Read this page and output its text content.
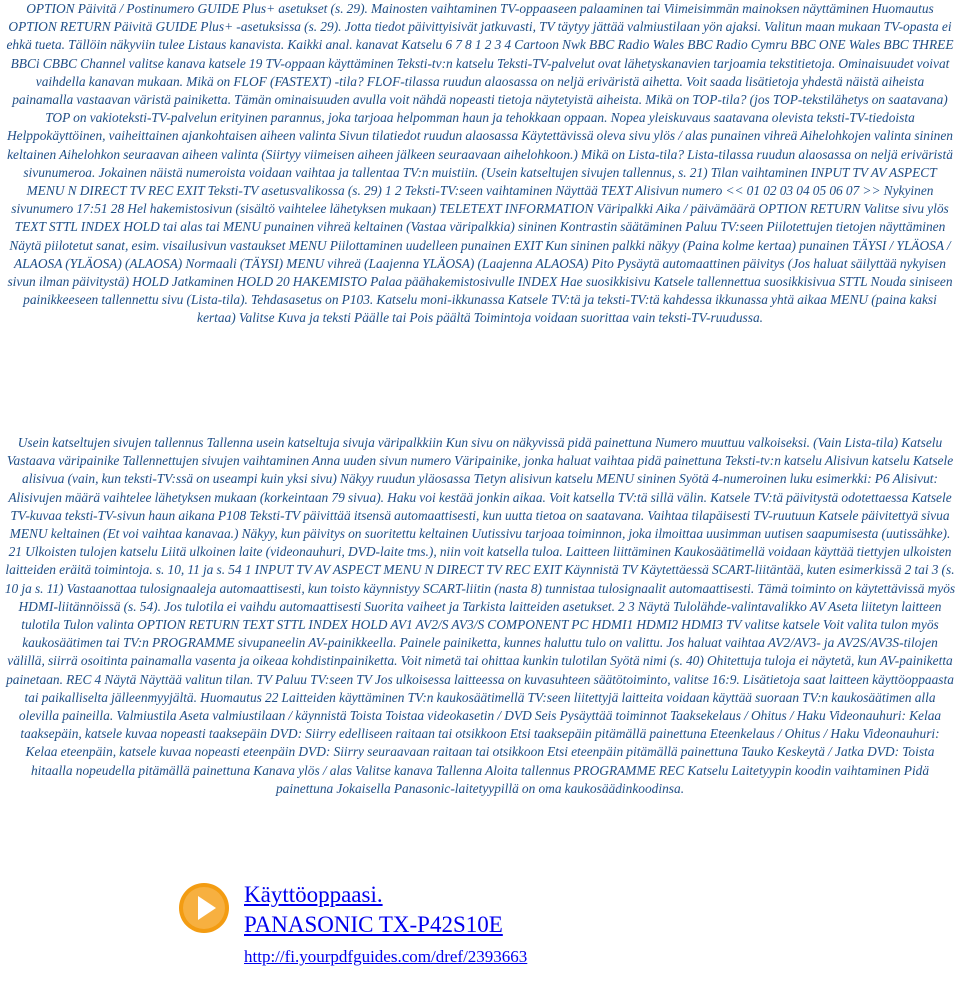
OPTION Päivitä / Postinumero GUIDE Plus+ asetukset (s. 29). Mainosten vaihtaminen TV-oppaaseen palaaminen tai Viimeisimmän mainoksen näyttäminen Huomautus OPTION RETURN Päivitä GUIDE Plus+ -asetuksissa (s. 29). Jotta tiedot päivittyisivät jatkuvasti, TV täytyy jättää valmiustilaan yön ajaksi. Valitun maan mukaan TV-opasta ei ehkä tueta. Tällöin näkyviin tulee Listaus kanavista. Kaikki anal. kanavat Katselu 6 7 8 1 2 3 4 Cartoon Nwk BBC Radio Wales BBC Radio Cymru BBC ONE Wales BBC THREE BBCi CBBC Channel valitse kanava katsele 19 TV-oppaan käyttäminen Teksti-tv:n katselu Teksti-TV-palvelut ovat lähetyskanavien tarjoamia tekstitietoja. Ominaisuudet voivat vaihdella kanavan mukaan. Mikä on FLOF (FASTEXT) -tila? FLOF-tilassa ruudun alaosassa on neljä eriväristä aihetta. Voit saada lisätietoja yhdestä näistä aiheista painamalla vastaavan väristä painiketta. Tämän ominaisuuden avulla voit nähdä nopeasti tietoja näytetyistä aiheista. Mikä on TOP-tila? (jos TOP-tekstilähetys on saatavana) TOP on vakioteksti-TV-palvelun erityinen parannus, joka tarjoaa helpomman haun ja tehokkaan oppaan. Nopea yleiskuvaus saatavana olevista teksti-TV-tiedoista Helppokäyttöinen, vaiheittainen ajankohtaisen aiheen valinta Sivun tilatiedot ruudun alaosassa Käytettävissä oleva sivu ylös / alas punainen vihreä Aihelohkojen valinta sininen keltainen Aihelohkon seuraavan aiheen valinta (Siirtyy viimeisen aiheen jälkeen seuraavaan aihelohkoon.) Mikä on Lista-tila? Lista-tilassa ruudun alaosassa on neljä eriväristä sivunumeroa. Jokainen näistä numeroista voidaan vaihtaa ja tallentaa TV:n muistiin. (Usein katseltujen sivujen tallennus, s. 21) Tilan vaihtaminen INPUT TV AV ASPECT MENU N DIRECT TV REC EXIT Teksti-TV asetusvalikossa (s. 29) 1 2 Teksti-TV:seen vaihtaminen Näyttää TEXT Alisivun numero << 01 02 03 04 05 06 07 >> Nykyinen sivunumero 17:51 28 Hel hakemistosivun (sisältö vaihtelee lähetyksen mukaan) TELETEXT INFORMATION Väripalkki Aika / päivämäärä OPTION RETURN Valitse sivu ylös TEXT STTL INDEX HOLD tai alas tai MENU punainen vihreä keltainen (Vastaa väripalkkia) sininen Kontrastin säätäminen Paluu TV:seen Piilotettujen tietojen näyttäminen Näytä piilotetut sanat, esim. visailusivun vastaukset MENU Piilottaminen uudelleen punainen EXIT Kun sininen palkki näkyy (Paina kolme kertaa) punainen TÄYSI / YLÄOSA / ALAOSA (YLÄOSA) (ALAOSA) Normaali (TÄYSI) MENU vihreä (Laajenna YLÄOSA) (Laajenna ALAOSA) Pito Pysäytä automaattinen päivitys (Jos haluat säilyttää nykyisen sivun ilman päivitystä) HOLD Jatkaminen HOLD 20 HAKEMISTO Palaa päähakemistosivulle INDEX Hae suosikkisivu Katsele tallennettua suosikkisivua STTL Nouda siniseen painikkeeseen tallennettu sivu (Lista-tila). Tehdasasetus on P103. Katselu moni-ikkunassa Katsele TV:tä ja teksti-TV:tä kahdessa ikkunassa yhtä aikaa MENU (paina kaksi kertaa) Valitse Kuva ja teksti Päälle tai Pois päältä Toimintoja voidaan suorittaa vain teksti-TV-ruudussa.

Usein katseltujen sivujen tallennus Tallenna usein katseltuja sivuja väripalkkiin Kun sivu on näkyvissä pidä painettuna Numero muuttuu valkoiseksi. (Vain Lista-tila) Katselu Vastaava väripainike Tallennettujen sivujen vaihtaminen Anna uuden sivun numero Väripainike, jonka haluat vaihtaa pidä painettuna Teksti-tv:n katselu Alisivun katselu Katsele alisivua (vain, kun teksti-TV:ssä on useampi kuin yksi sivu) Näkyy ruudun yläosassa Tietyn alisivun katselu MENU sininen Syötä 4-numeroinen luku esimerkki: P6 Alisivut: Alisivujen määrä vaihtelee lähetyksen mukaan (korkeintaan 79 sivua). Haku voi kestää jonkin aikaa. Voit katsella TV:tä sillä välin. Katsele TV:tä päivitystä odotettaessa Katsele TV-kuvaa teksti-TV-sivun haun aikana P108 Teksti-TV päivittää itsensä automaattisesti, kun uutta tietoa on saatavana. Vaihtaa tilapäisesti TV-ruutuun Katsele päivitettyä sivua MENU keltainen (Et voi vaihtaa kanavaa.) Näkyy, kun päivitys on suoritettu keltainen Uutissivu tarjoaa toiminnon, joka ilmoittaa uusimman uutisen saapumisesta (uutissähke). 21 Ulkoisten tulojen katselu Liitä ulkoinen laite (videonauhuri, DVD-laite tms.), niin voit katsella tuloa. Laitteen liittäminen Kaukosäätimellä voidaan käyttää tiettyjen ulkoisten laitteiden eräitä toimintoja. s. 10, 11 ja s. 54 1 INPUT TV AV ASPECT MENU N DIRECT TV REC EXIT Käynnistä TV Käytettäessä SCART-liitäntää, kuten esimerkissä 2 tai 3 (s. 10 ja s. 11) Vastaanottaa tulosignaaleja automaattisesti, kun toisto käynnistyy SCART-liitin (nasta 8) tunnistaa tulosignaalit automaattisesti. Tämä toiminto on käytettävissä myös HDMI-liitännöissä (s. 54). Jos tulotila ei vaihdu automaattisesti Suorita vaiheet ja Tarkista laitteiden asetukset. 2 3 Näytä Tulolähde-valintavalikko AV Aseta liitetyn laitteen tulotila Tulon valinta OPTION RETURN TEXT STTL INDEX HOLD AV1 AV2/S AV3/S COMPONENT PC HDMI1 HDMI2 HDMI3 TV valitse katsele Voit valita tulon myös kaukosäätimen tai TV:n PROGRAMME sivupaneelin AV-painikkeella. Painele painiketta, kunnes haluttu tulo on valittu. Jos haluat vaihtaa AV2/AV3- ja AV2S/AV3S-tilojen välillä, siirrä osoitinta painamalla vasenta ja oikeaa kohdistinpainiketta. Voit nimetä tai ohittaa kunkin tulotilan Syötä nimi (s. 40) Ohitettuja tuloja ei näytetä, kun AV-painiketta painetaan. REC 4 Näytä Näyttää valitun tilan. TV Paluu TV:seen TV Jos ulkoisessa laitteessa on kuvasuhteen säätötoiminto, valitse 16:9. Lisätietoja saat laitteen käyttöoppaasta tai paikalliselta jälleenmyyjältä. Huomautus 22 Laitteiden käyttäminen TV:n kaukosäätimellä TV:seen liitettyjä laitteita voidaan käyttää suoraan TV:n kaukosäätimen alla olevilla paineilla. Valmiustila Aseta valmiustilaan / käynnistä Toista Toistaa videokasetin / DVD Seis Pysäyttää toiminnot Taaksekelaus / Ohitus / Haku Videonauhuri: Kelaa taaksepäin, katsele kuvaa nopeasti taaksepäin DVD: Siirry edelliseen raitaan tai otsikkoon Etsi taaksepäin pitämällä painettuna Eteenkelaus / Ohitus / Haku Videonauhuri: Kelaa eteenpäin, katsele kuvaa nopeasti eteenpäin DVD: Siirry seuraavaan raitaan tai otsikkoon Etsi eteenpäin pitämällä painettuna Tauko Keskeytä / Jatka DVD: Toista hitaalla nopeudella pitämällä painettuna Kanava ylös / alas Valitse kanava Tallenna Aloita tallennus PROGRAMME REC Katselu Laitetyypin koodin vaihtaminen Pidä painettuna Jokaisella Panasonic-laitetyypillä on oma kaukosäädinkoodinsa.

Käyttöoppaasi.
PANASONIC TX-P42S10E
http://fi.yourpdfguides.com/dref/2393663
